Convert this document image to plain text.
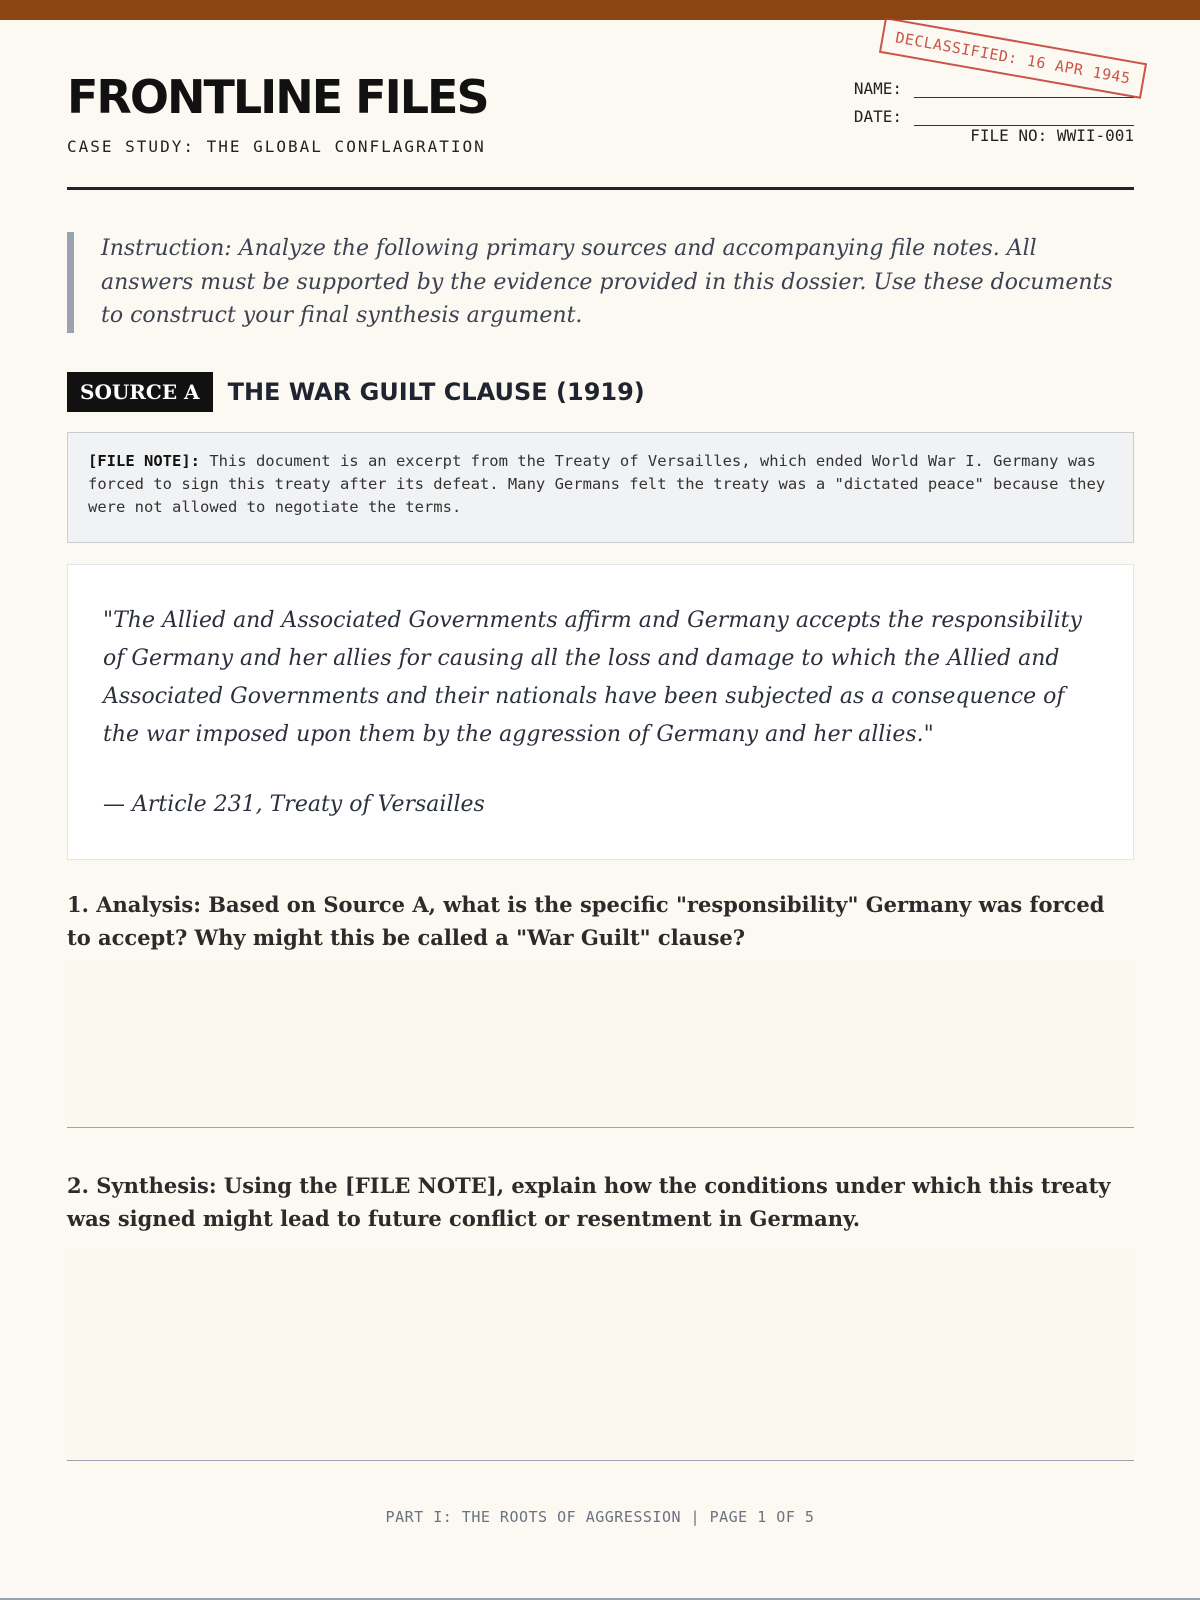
FRONTLINE FILES
CASE STUDY: THE GLOBAL CONFLAGRATION
DECLASSIFIED: 16 APR 1945
NAME:
DATE:
FILE NO: WWII-001
Instruction: Analyze the following primary sources and accompanying file notes. All answers must be supported by the evidence provided in this dossier. Use these documents to construct your final synthesis argument.
SOURCE A	THE WAR GUILT CLAUSE (1919)
[FILE NOTE]: This document is an excerpt from the Treaty of Versailles, which ended World War I. Germany was forced to sign this treaty after its defeat. Many Germans felt the treaty was a "dictated peace" because they were not allowed to negotiate the terms.

"The Allied and Associated Governments affirm and Germany accepts the responsibility of Germany and her allies for causing all the loss and damage to which the Allied and Associated Governments and their nationals have been subjected as a consequence of the war imposed upon them by the aggression of Germany and her allies."

— Article 231, Treaty of Versailles
1. Analysis: Based on Source A, what is the specific "responsibility" Germany was forced to accept? Why might this be called a "War Guilt" clause?
2. Synthesis: Using the [FILE NOTE], explain how the conditions under which this treaty was signed might lead to future conflict or resentment in Germany.
PART I: THE ROOTS OF AGGRESSION | PAGE 1 OF 5
